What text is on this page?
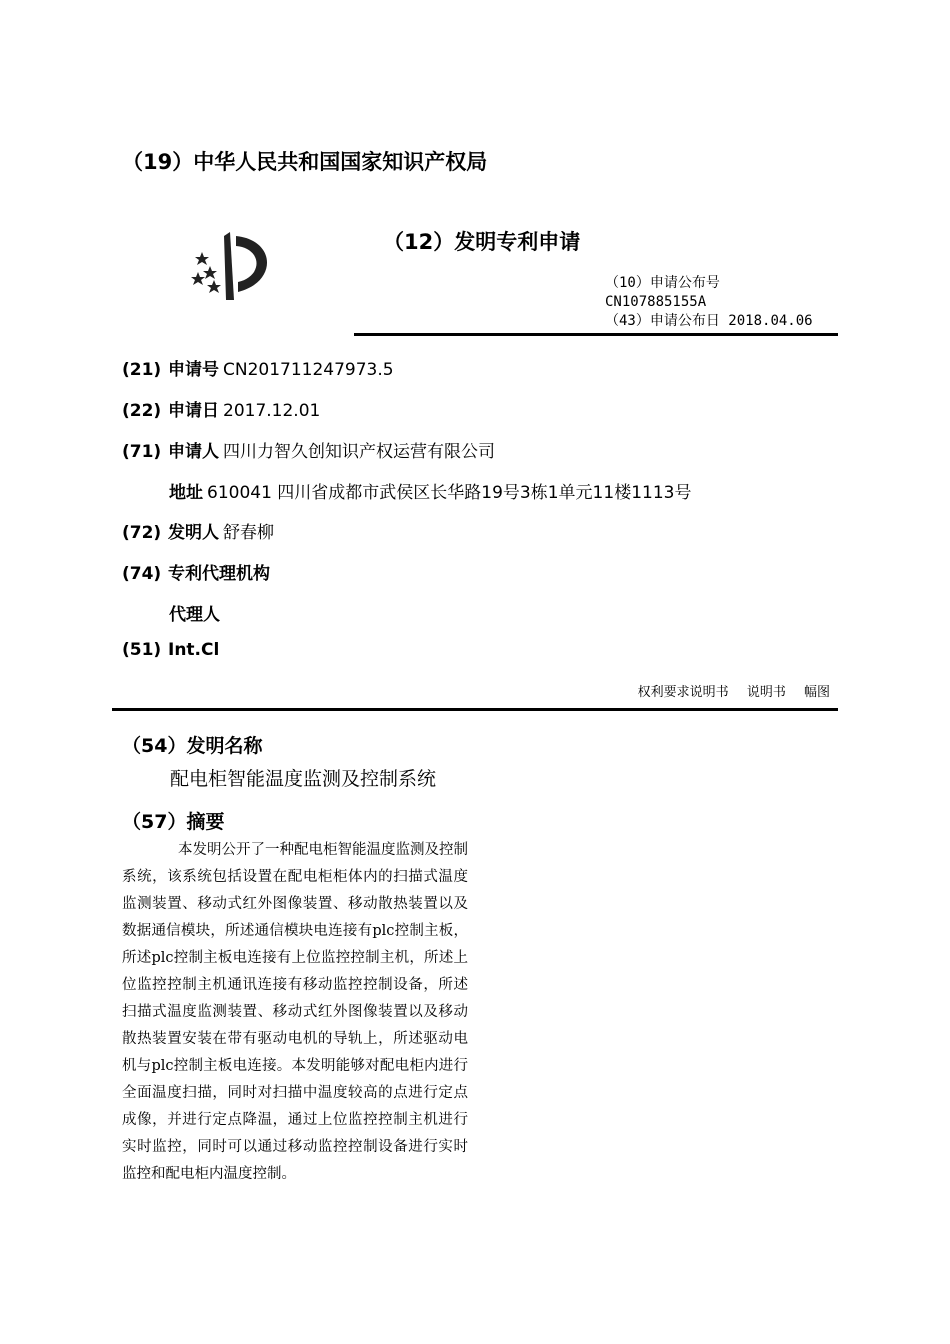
（19）中华人民共和国国家知识产权局
（12）发明专利申请
（10）申请公布号
CN107885155A
（43）申请公布日 2018.04.06
(21) 申请号 CN201711247973.5
(22) 申请日 2017.12.01
(71) 申请人 四川力智久创知识产权运营有限公司
地址 610041 四川省成都市武侯区长华路19号3栋1单元11楼1113号
(72) 发明人 舒春柳
(74) 专利代理机构
代理人
(51) Int.Cl
权利要求说明书 说明书 幅图
（54）发明名称
配电柜智能温度监测及控制系统
（57）摘要
本发明公开了一种配电柜智能温度监测及控制系统，该系统包括设置在配电柜柜体内的扫描式温度监测装置、移动式红外图像装置、移动散热装置以及数据通信模块，所述通信模块电连接有plc控制主板，所述plc控制主板电连接有上位监控控制主机，所述上位监控控制主机通讯连接有移动监控控制设备，所述扫描式温度监测装置、移动式红外图像装置以及移动散热装置安装在带有驱动电机的导轨上，所述驱动电机与plc控制主板电连接。本发明能够对配电柜内进行全面温度扫描，同时对扫描中温度较高的点进行定点成像，并进行定点降温，通过上位监控控制主机进行实时监控，同时可以通过移动监控控制设备进行实时监控和配电柜内温度控制。
